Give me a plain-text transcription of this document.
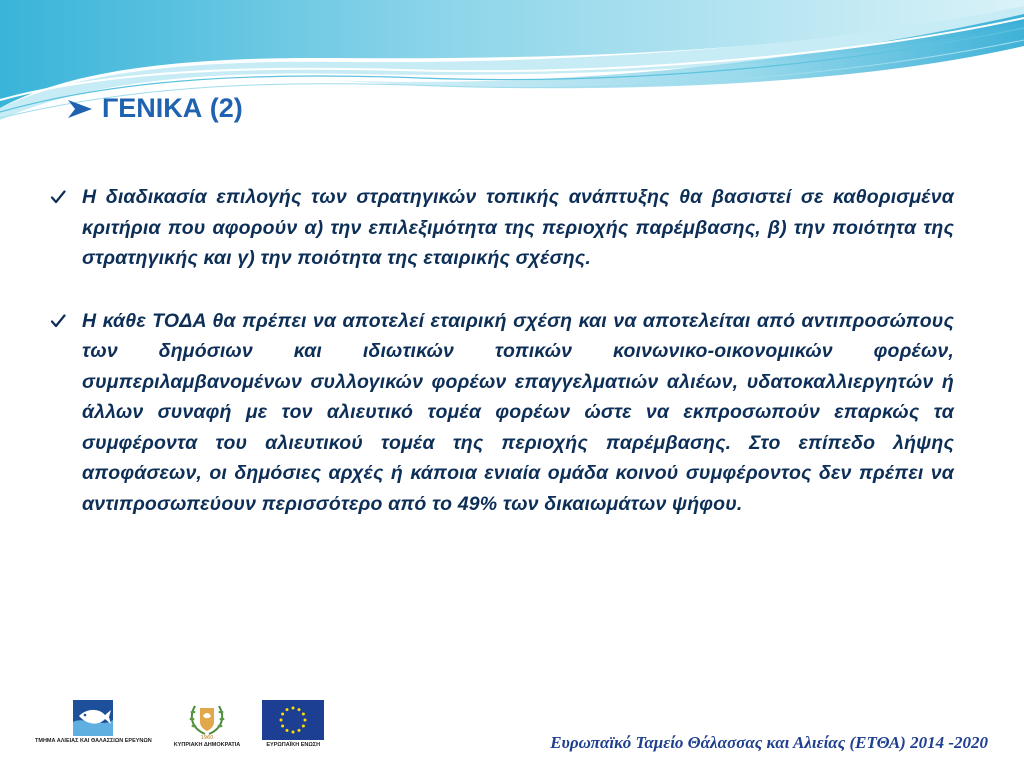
ΓΕΝΙΚΑ (2)
Η διαδικασία επιλογής των στρατηγικών τοπικής ανάπτυξης θα βασιστεί σε καθορισμένα κριτήρια που αφορούν α) την επιλεξιμότητα της περιοχής παρέμβασης, β) την ποιότητα της στρατηγικής και γ) την ποιότητα της εταιρικής σχέσης.
Η κάθε ΤΟΔΑ θα πρέπει να αποτελεί εταιρική σχέση και να αποτελείται από αντιπροσώπους των δημόσιων και ιδιωτικών τοπικών κοινωνικο-οικονομικών φορέων, συμπεριλαμβανομένων συλλογικών φορέων επαγγελματιών αλιέων, υδατοκαλλιεργητών ή άλλων συναφή με τον αλιευτικό τομέα φορέων ώστε να εκπροσωπούν επαρκώς τα συμφέροντα του αλιευτικού τομέα της περιοχής παρέμβασης. Στο επίπεδο λήψης αποφάσεων, οι δημόσιες αρχές ή κάποια ενιαία ομάδα κοινού συμφέροντος δεν πρέπει να αντιπροσωπεύουν περισσότερο από το 49% των δικαιωμάτων ψήφου.
ΤΜΗΜΑ ΑΛΙΕΙΑΣ ΚΑΙ ΘΑΛΑΣΣΙΩΝ ΕΡΕΥΝΩΝ	1960
ΚΥΠΡΙΑΚΗ ΔΗΜΟΚΡΑΤΙΑ	ΕΥΡΩΠΑΪΚΗ ΕΝΩΣΗ	Ευρωπαϊκό Ταμείο Θάλασσας και Αλιείας (ΕΤΘΑ) 2014 -2020
